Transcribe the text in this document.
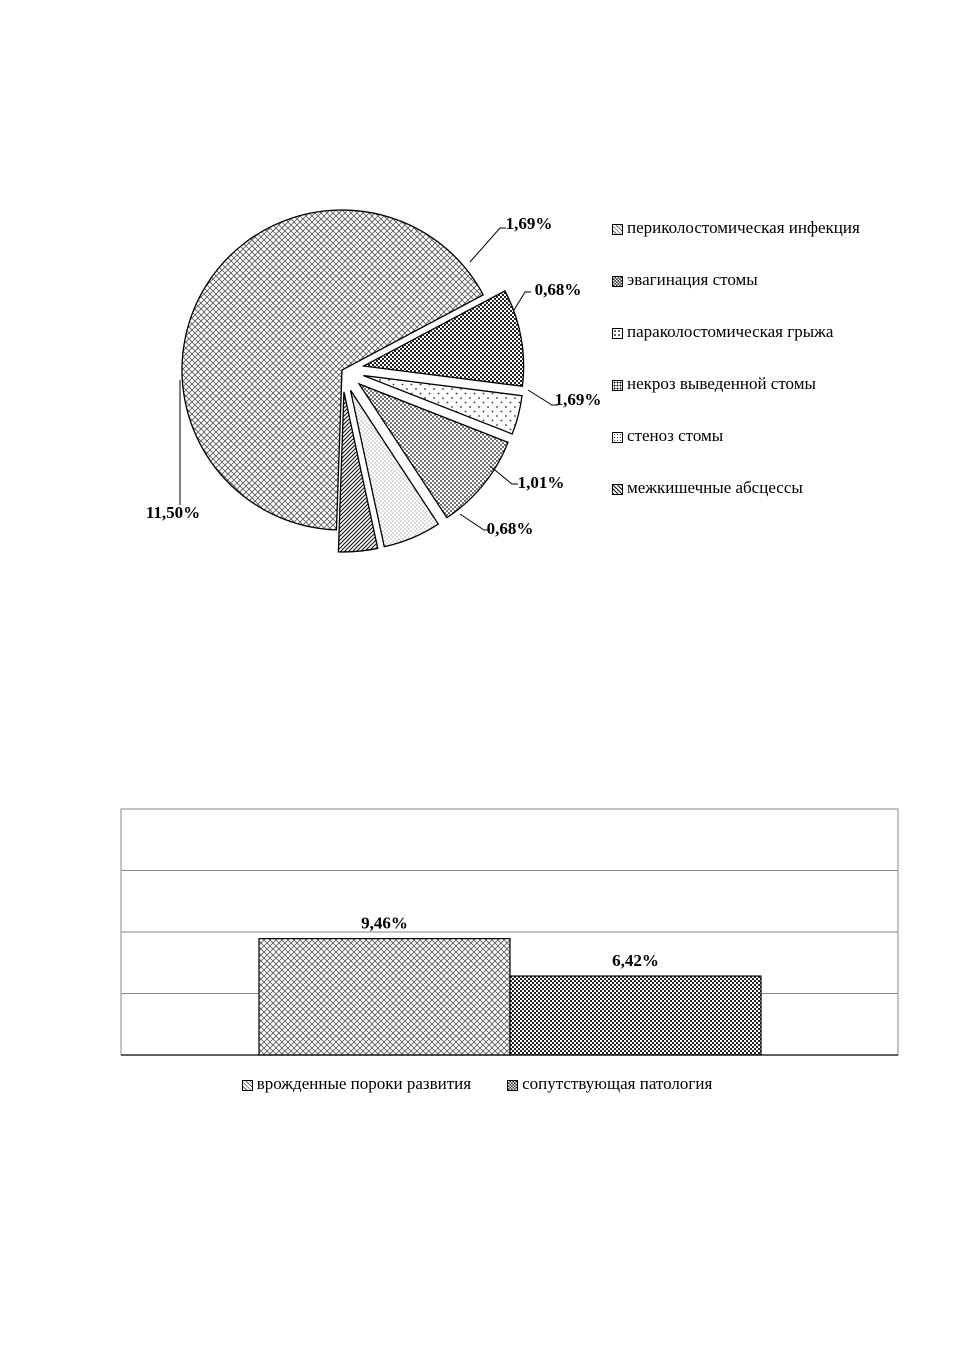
11,50%
1,69%
0,68%
1,69%
1,01%
0,68%
периколостомическая инфекция
эвагинация стомы
параколостомическая грыжа
некроз выведенной стомы
стеноз стомы
межкишечные абсцессы
9,46%
6,42%
врожденные пороки развития	сопутствующая патология
